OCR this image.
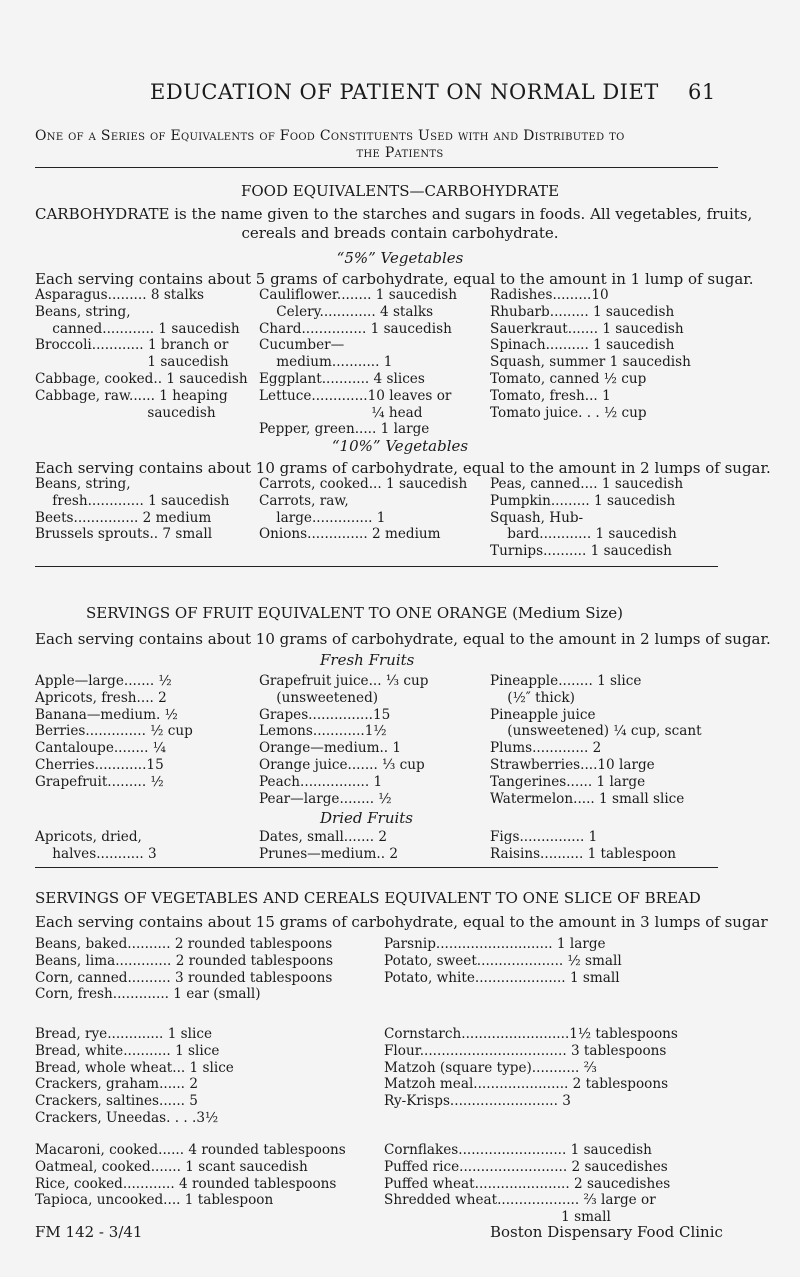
EDUCATION OF PATIENT ON NORMAL DIET 61
One of a Series of Equivalents of Food Constituents Used with and Distributed to
the Patients
FOOD EQUIVALENTS—CARBOHYDRATE
CARBOHYDRATE is the name given to the starches and sugars in foods. All vegetables, fruits,
cereals and breads contain carbohydrate.
“5%” Vegetables
Each serving contains about 5 grams of carbohydrate, equal to the amount in 1 lump of sugar.
Asparagus......... 8 stalks
Beans, string,
canned............ 1 saucedish
Broccoli............ 1 branch or
1 saucedish
Cabbage, cooked.. 1 saucedish
Cabbage, raw...... 1 heaping
saucedish
Cauliflower........ 1 saucedish
Celery............. 4 stalks
Chard............... 1 saucedish
Cucumber—
medium........... 1
Eggplant........... 4 slices
Lettuce.............10 leaves or
¼ head
Pepper, green..... 1 large
Radishes.........10
Rhubarb......... 1 saucedish
Sauerkraut....... 1 saucedish
Spinach.......... 1 saucedish
Squash, summer 1 saucedish
Tomato, canned ½ cup
Tomato, fresh... 1
Tomato juice. . . ½ cup
“10%” Vegetables
Each serving contains about 10 grams of carbohydrate, equal to the amount in 2 lumps of sugar.
Beans, string,
fresh............. 1 saucedish
Beets............... 2 medium
Brussels sprouts.. 7 small
Carrots, cooked... 1 saucedish
Carrots, raw,
large.............. 1
Onions.............. 2 medium
Peas, canned.... 1 saucedish
Pumpkin......... 1 saucedish
Squash, Hub-
bard............ 1 saucedish
Turnips.......... 1 saucedish
SERVINGS OF FRUIT EQUIVALENT TO ONE ORANGE (Medium Size)
Each serving contains about 10 grams of carbohydrate, equal to the amount in 2 lumps of sugar.
Fresh Fruits
Apple—large....... ½
Apricots, fresh.... 2
Banana—medium. ½
Berries.............. ½ cup
Cantaloupe........ ¼
Cherries............15
Grapefruit......... ½
Grapefruit juice... ⅓ cup
(unsweetened)
Grapes...............15
Lemons............1½
Orange—medium.. 1
Orange juice....... ⅓ cup
Peach................ 1
Pear—large........ ½
Pineapple........ 1 slice
(½″ thick)
Pineapple juice
(unsweetened) ¼ cup, scant
Plums............. 2
Strawberries....10 large
Tangerines...... 1 large
Watermelon..... 1 small slice
Dried Fruits
Apricots, dried,
halves........... 3
Dates, small....... 2
Prunes—medium.. 2
Figs............... 1
Raisins.......... 1 tablespoon
SERVINGS OF VEGETABLES AND CEREALS EQUIVALENT TO ONE SLICE OF BREAD
Each serving contains about 15 grams of carbohydrate, equal to the amount in 3 lumps of sugar
Beans, baked.......... 2 rounded tablespoons
Beans, lima............. 2 rounded tablespoons
Corn, canned.......... 3 rounded tablespoons
Corn, fresh............. 1 ear (small)
Parsnip........................... 1 large
Potato, sweet.................... ½ small
Potato, white..................... 1 small
Bread, rye............. 1 slice
Bread, white........... 1 slice
Bread, whole wheat... 1 slice
Crackers, graham...... 2
Crackers, saltines...... 5
Crackers, Uneedas. . . .3½
Cornstarch.........................1½ tablespoons
Flour.................................. 3 tablespoons
Matzoh (square type)........... ⅔
Matzoh meal...................... 2 tablespoons
Ry-Krisps......................... 3
Macaroni, cooked...... 4 rounded tablespoons
Oatmeal, cooked....... 1 scant saucedish
Rice, cooked............ 4 rounded tablespoons
Tapioca, uncooked.... 1 tablespoon
Cornflakes......................... 1 saucedish
Puffed rice......................... 2 saucedishes
Puffed wheat...................... 2 saucedishes
Shredded wheat................... ⅔ large or
1 small
FM 142 - 3/41	Boston Dispensary Food Clinic
